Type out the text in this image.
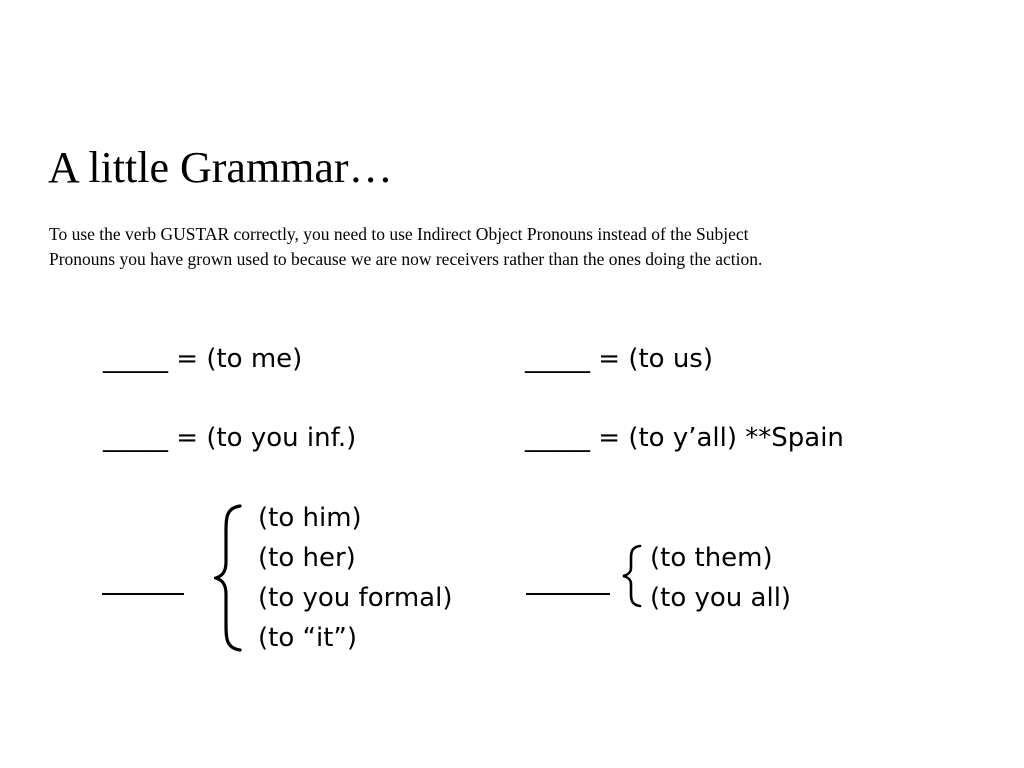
A little Grammar…
To use the verb GUSTAR correctly, you need to use Indirect Object Pronouns instead of the Subject
Pronouns you have grown used to because we are now receivers rather than the ones doing the action.
_____ = (to me)	_____ = (to us)
_____ = (to you inf.)	_____ = (to y’all) **Spain
(to him)
(to her)
(to you formal)
(to “it”)
(to them)
(to you all)
